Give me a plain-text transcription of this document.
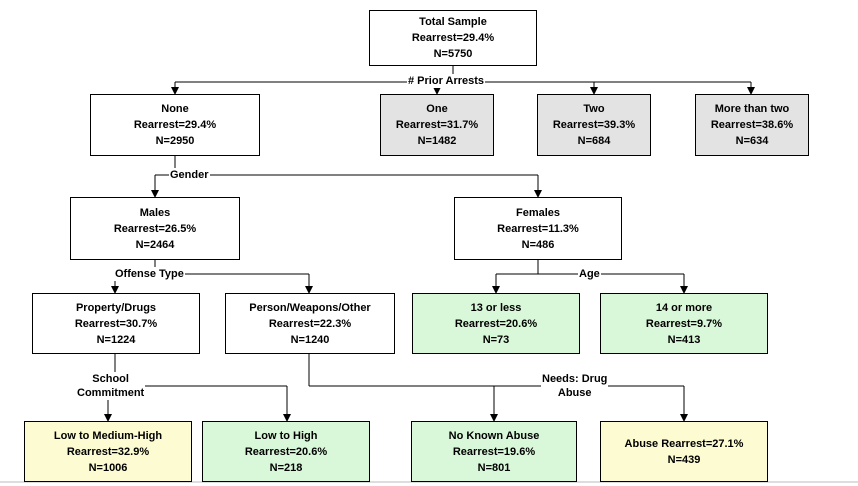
Total Sample
Rearrest=29.4%
N=5750
None
Rearrest=29.4%
N=2950
One
Rearrest=31.7%
N=1482
Two
Rearrest=39.3%
N=684
More than two
Rearrest=38.6%
N=634
Males
Rearrest=26.5%
N=2464
Females
Rearrest=11.3%
N=486
Property/Drugs
Rearrest=30.7%
N=1224
Person/Weapons/Other
Rearrest=22.3%
N=1240
13 or less
Rearrest=20.6%
N=73
14 or more
Rearrest=9.7%
N=413
Low to Medium-High
Rearrest=32.9%
N=1006
Low to High
Rearrest=20.6%
N=218
No Known Abuse
Rearrest=19.6%
N=801
Abuse Rearrest=27.1%
N=439
# Prior Arrests
Gender
Offense Type	Age
School
Commitment
Needs: Drug
Abuse
